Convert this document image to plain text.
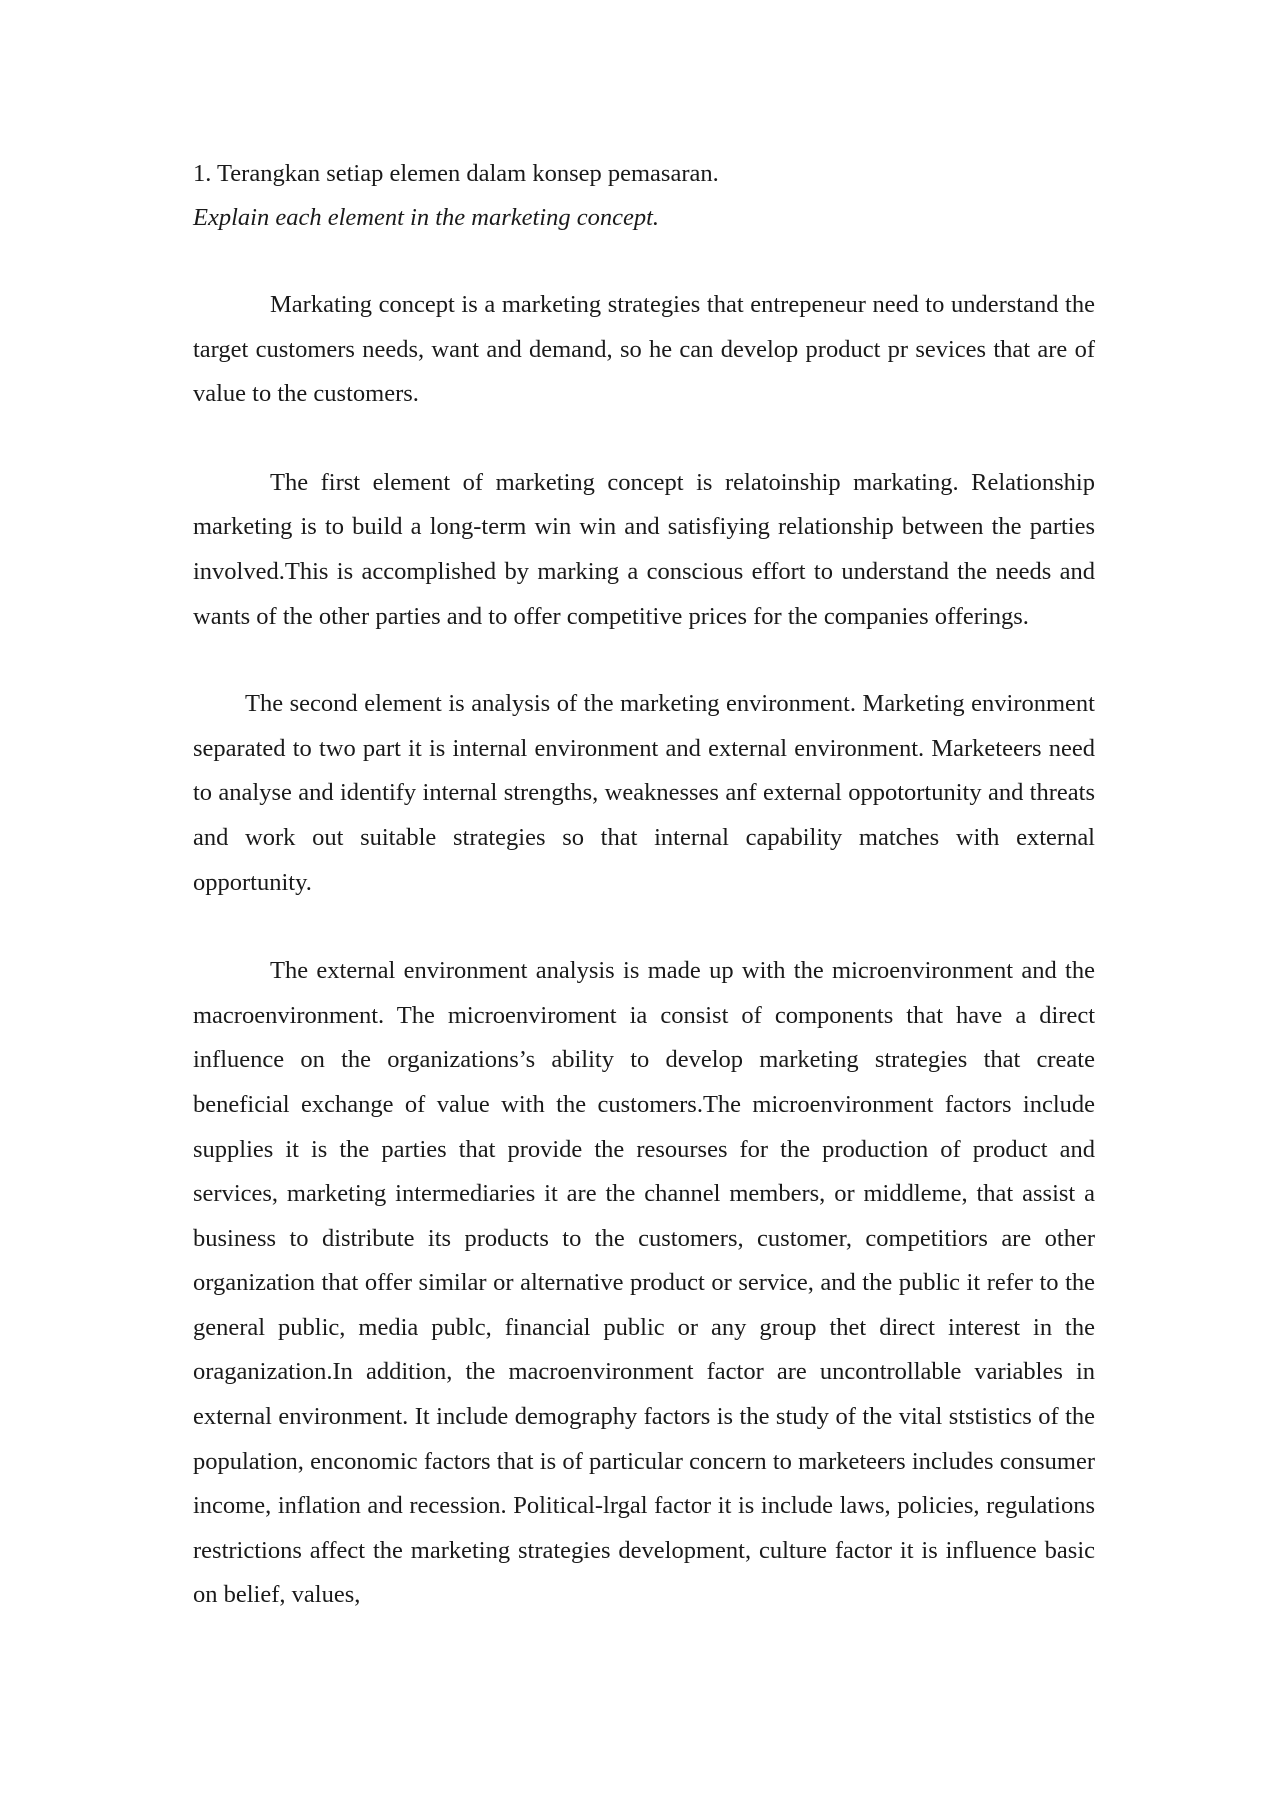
1. Terangkan setiap elemen dalam konsep pemasaran.

Explain each element in the marketing concept.

Markating concept is a marketing strategies that entrepeneur need to understand the target customers needs, want and demand, so he can develop product pr sevices that are of value to the customers.

The first element of marketing concept is relatoinship markating. Relationship marketing is to build a long-term win win and satisfiying relationship between the parties involved.This is accomplished by marking a conscious effort to understand the needs and wants of the other parties and to offer competitive prices for the companies offerings.

The second element is analysis of the marketing environment. Marketing environment separated to two part it is internal environment and external environment. Marketeers need to analyse and identify internal strengths, weaknesses anf external oppotortunity and threats and work out suitable strategies so that internal capability matches with external opportunity.

The external environment analysis is made up with the microenvironment and the macroenvironment. The microenviroment ia consist of components that have a direct influence on the organizations’s ability to develop marketing strategies that create beneficial exchange of value with the customers.The microenvironment factors include supplies it is the parties that provide the resourses for the production of product and services, marketing intermediaries it are the channel members, or middleme, that assist a business to distribute its products to the customers, customer, competitiors are other organization that offer similar or alternative product or service, and the public it refer to the general public, media publc, financial public or any group thet direct interest in the oraganization.In addition, the macroenvironment factor are uncontrollable variables in external environment. It include demography factors is the study of the vital ststistics of the population, enconomic factors that is of particular concern to marketeers includes consumer income, inflation and recession. Political-lrgal factor it is include laws, policies, regulations restrictions affect the marketing strategies development, culture factor it is influence basic on belief, values,
